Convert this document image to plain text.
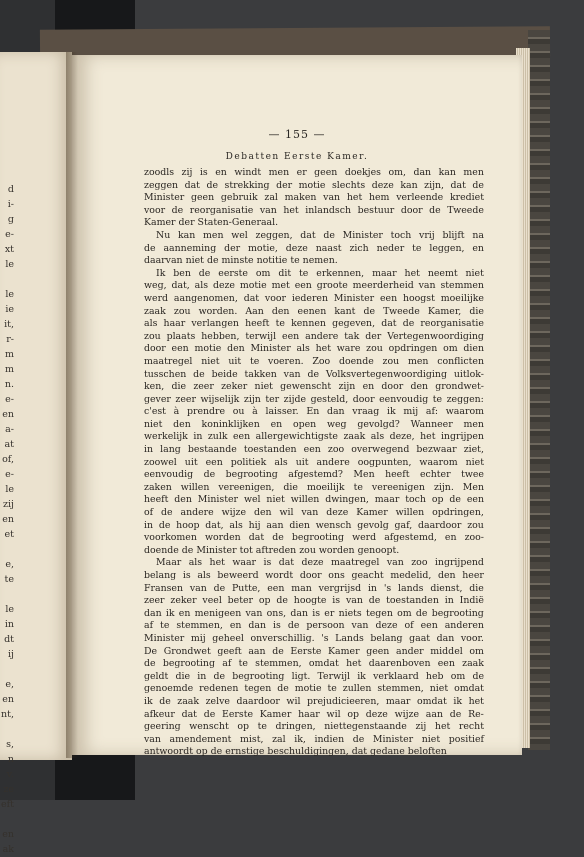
d
i-
g
e-
xt
le

le
ie
it,
r-
m
m
n.
e-
en
a-
at
of,
e-
le
zij
en
et

e,
te

le
in
dt
ij

e,
en
nt,

s,
n
v.
ze
eft

en
ak
— 155 —
Debatten Eerste Kamer.
zoodls zij is en windt men er geen doekjes om, dan kan men
zeggen dat de strekking der motie slechts deze kan zijn, dat de
Minister geen gebruik zal maken van het hem verleende krediet
voor de reorganisatie van het inlandsch bestuur door de Tweede
Kamer der Staten-Generaal.
Nu kan men wel zeggen, dat de Minister toch vrij blijft na
de aanneming der motie, deze naast zich neder te leggen, en
daarvan niet de minste notitie te nemen.
Ik ben de eerste om dit te erkennen, maar het neemt niet
weg, dat, als deze motie met een groote meerderheid van stemmen
werd aangenomen, dat voor iederen Minister een hoogst moeilijke
zaak zou worden. Aan den eenen kant de Tweede Kamer, die
als haar verlangen heeft te kennen gegeven, dat de reorganisatie
zou plaats hebben, terwijl een andere tak der Vertegenwoordiging
door een motie den Minister als het ware zou opdringen om dien
maatregel niet uit te voeren. Zoo doende zou men conflicten
tusschen de beide takken van de Volksvertegenwoordiging uitlok-
ken, die zeer zeker niet gewenscht zijn en door den grondwet-
gever zeer wijselijk zijn ter zijde gesteld, door eenvoudig te zeggen:
c'est à prendre ou à laisser. En dan vraag ik mij af: waarom
niet den koninklijken en open weg gevolgd? Wanneer men
werkelijk in zulk een allergewichtigste zaak als deze, het ingrijpen
in lang bestaande toestanden een zoo overwegend bezwaar ziet,
zoowel uit een politiek als uit andere oogpunten, waarom niet
eenvoudig de begrooting afgestemd? Men heeft echter twee
zaken willen vereenigen, die moeilijk te vereenigen zijn. Men
heeft den Minister wel niet willen dwingen, maar toch op de een
of de andere wijze den wil van deze Kamer willen opdringen,
in de hoop dat, als hij aan dien wensch gevolg gaf, daardoor zou
voorkomen worden dat de begrooting werd afgestemd, en zoo-
doende de Minister tot aftreden zou worden genoopt.
Maar als het waar is dat deze maatregel van zoo ingrijpend
belang is als beweerd wordt door ons geacht medelid, den heer
Fransen van de Putte, een man vergrijsd in 's lands dienst, die
zeer zeker veel beter op de hoogte is van de toestanden in Indië
dan ik en menigeen van ons, dan is er niets tegen om de begrooting
af te stemmen, en dan is de persoon van deze of een anderen
Minister mij geheel onverschillig. 's Lands belang gaat dan voor.
De Grondwet geeft aan de Eerste Kamer geen ander middel om
de begrooting af te stemmen, omdat het daarenboven een zaak
geldt die in de begrooting ligt. Terwijl ik verklaard heb om de
genoemde redenen tegen de motie te zullen stemmen, niet omdat
ik de zaak zelve daardoor wil prejudicieeren, maar omdat ik het
afkeur dat de Eerste Kamer haar wil op deze wijze aan de Re-
geering wenscht op te dringen, niettegenstaande zij het recht
van amendement mist, zal ik, indien de Minister niet positief
antwoordt op de ernstige beschuldigingen, dat gedane beloften
